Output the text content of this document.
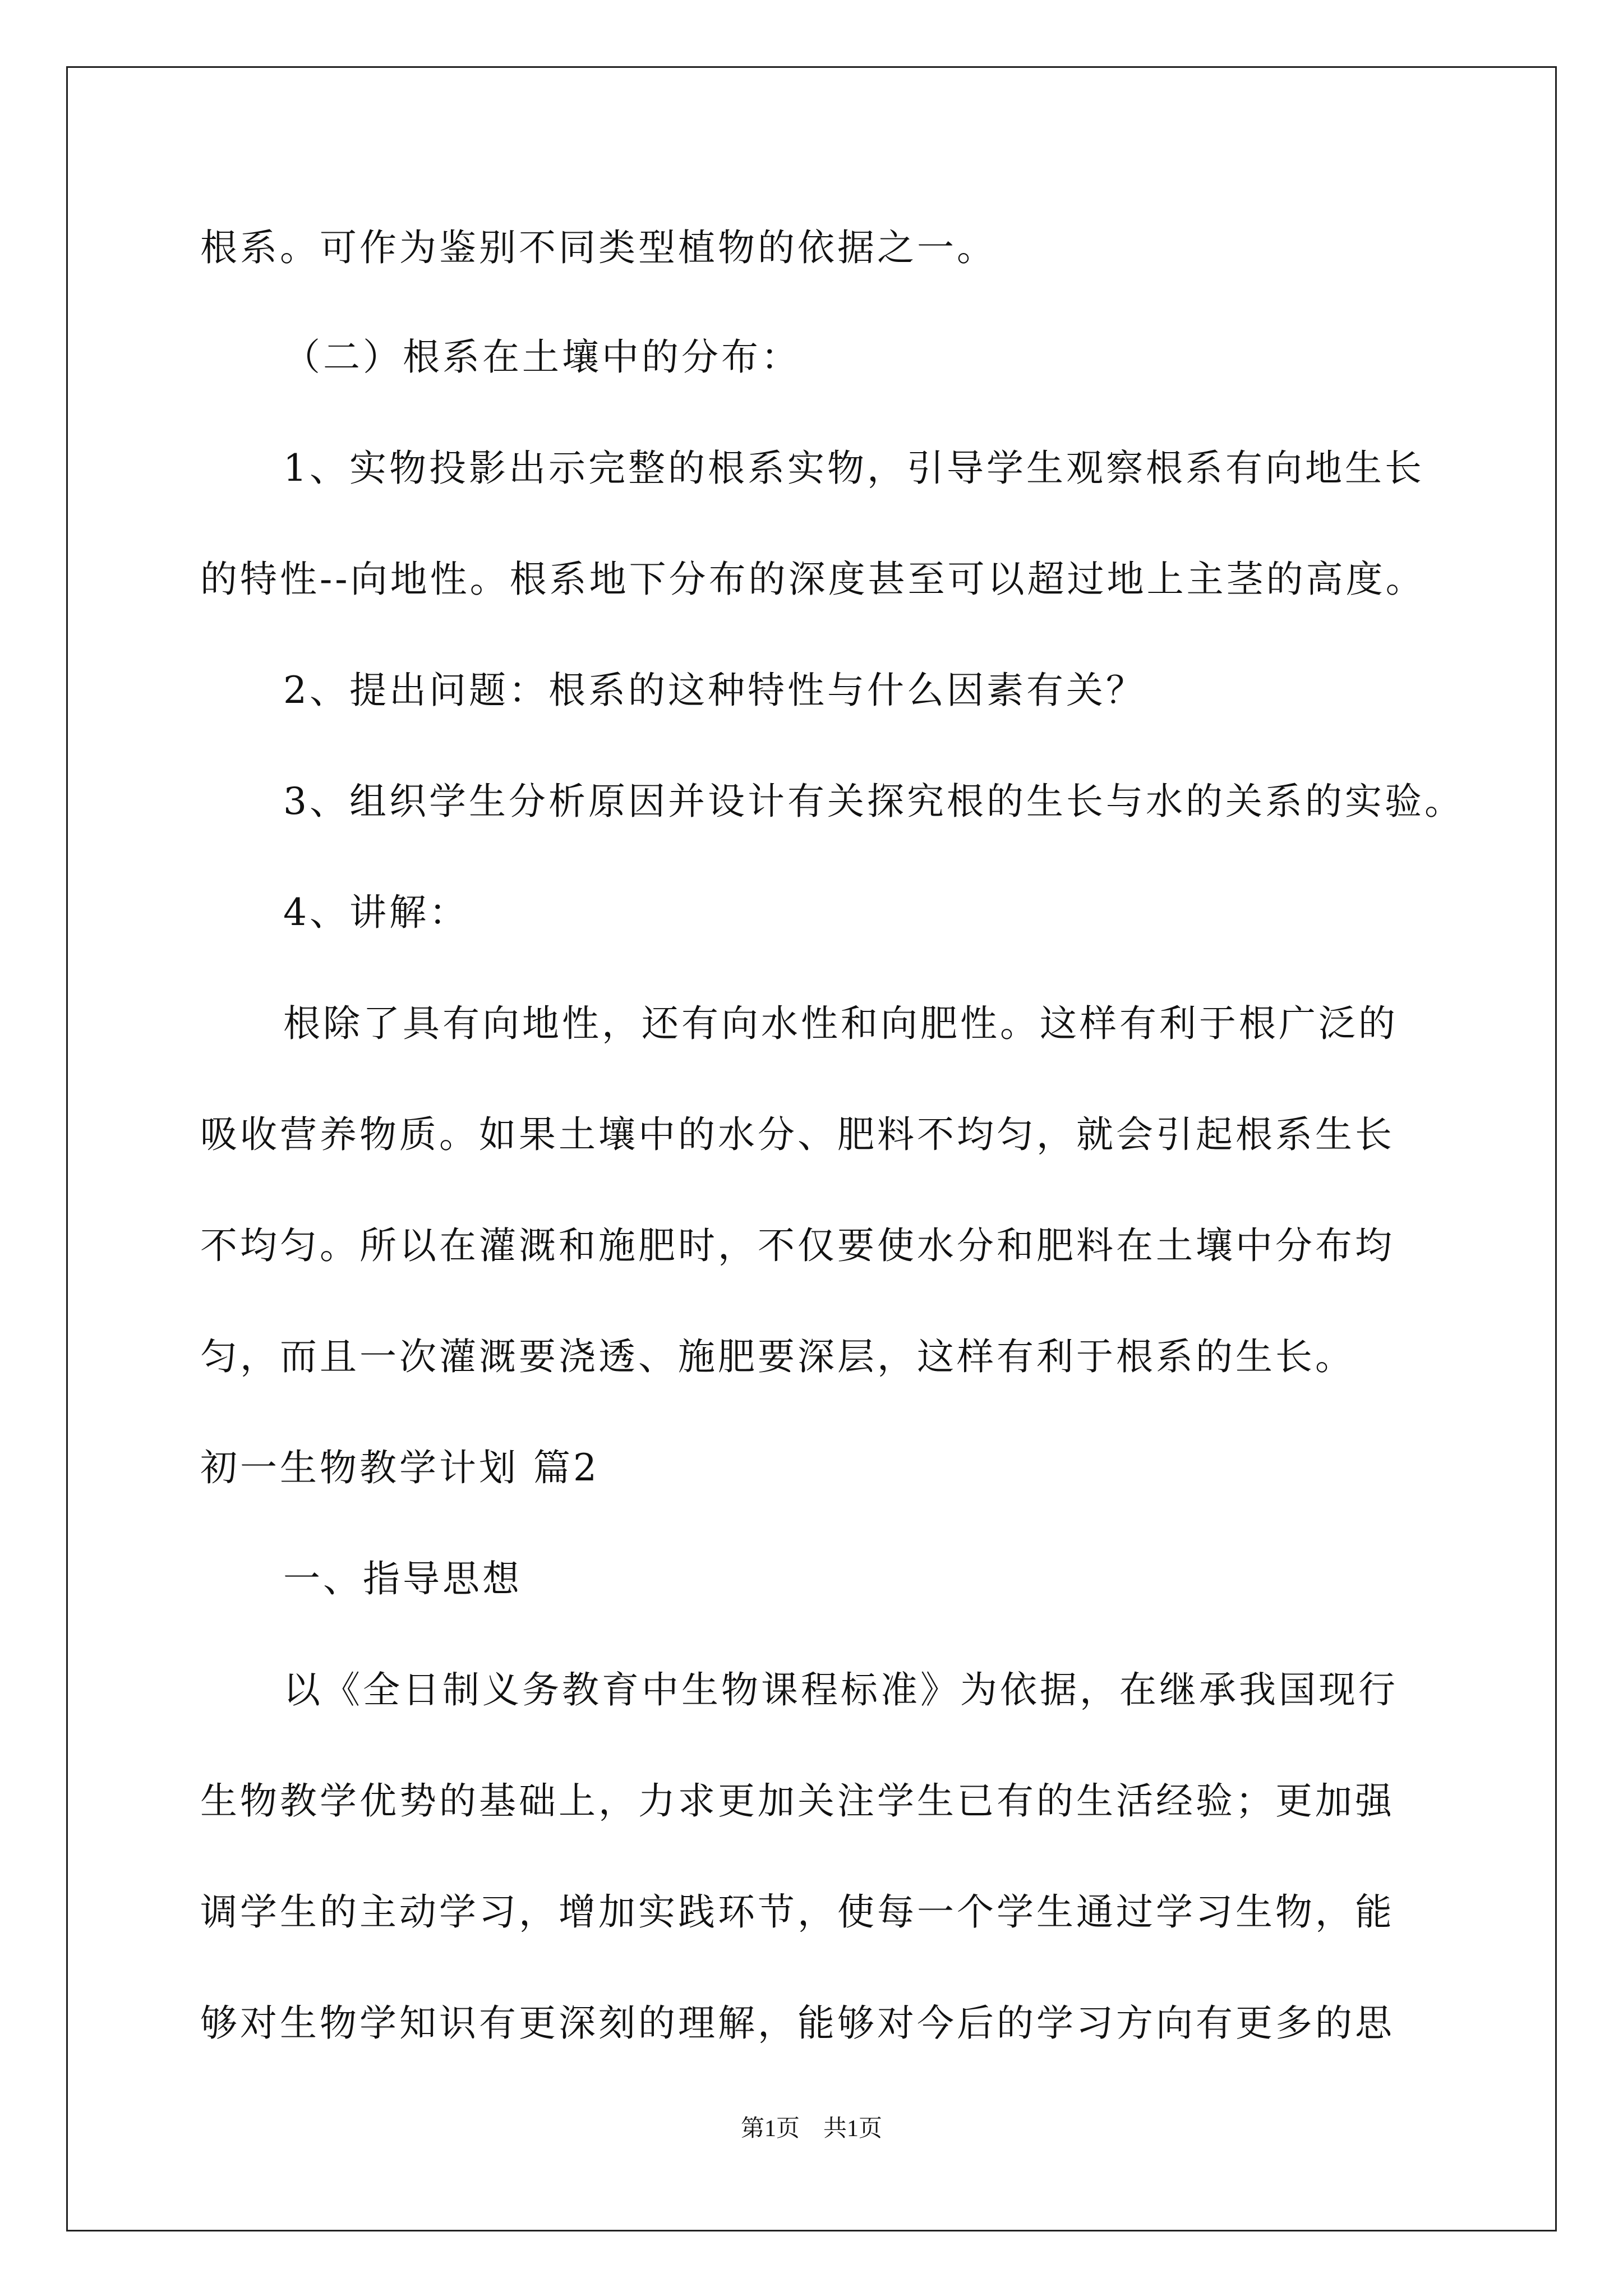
根系。可作为鉴别不同类型植物的依据之一。
（二）根系在土壤中的分布：
1、实物投影出示完整的根系实物，引导学生观察根系有向地生长
的特性--向地性。根系地下分布的深度甚至可以超过地上主茎的高度。
2、提出问题：根系的这种特性与什么因素有关？
3、组织学生分析原因并设计有关探究根的生长与水的关系的实验。
4、讲解：
根除了具有向地性，还有向水性和向肥性。这样有利于根广泛的
吸收营养物质。如果土壤中的水分、肥料不均匀，就会引起根系生长
不均匀。所以在灌溉和施肥时，不仅要使水分和肥料在土壤中分布均
匀，而且一次灌溉要浇透、施肥要深层，这样有利于根系的生长。
初一生物教学计划 篇2
一、指导思想
以《全日制义务教育中生物课程标准》为依据，在继承我国现行
生物教学优势的基础上，力求更加关注学生已有的生活经验；更加强
调学生的主动学习，增加实践环节，使每一个学生通过学习生物，能
够对生物学知识有更深刻的理解，能够对今后的学习方向有更多的思
第1页　共1页
